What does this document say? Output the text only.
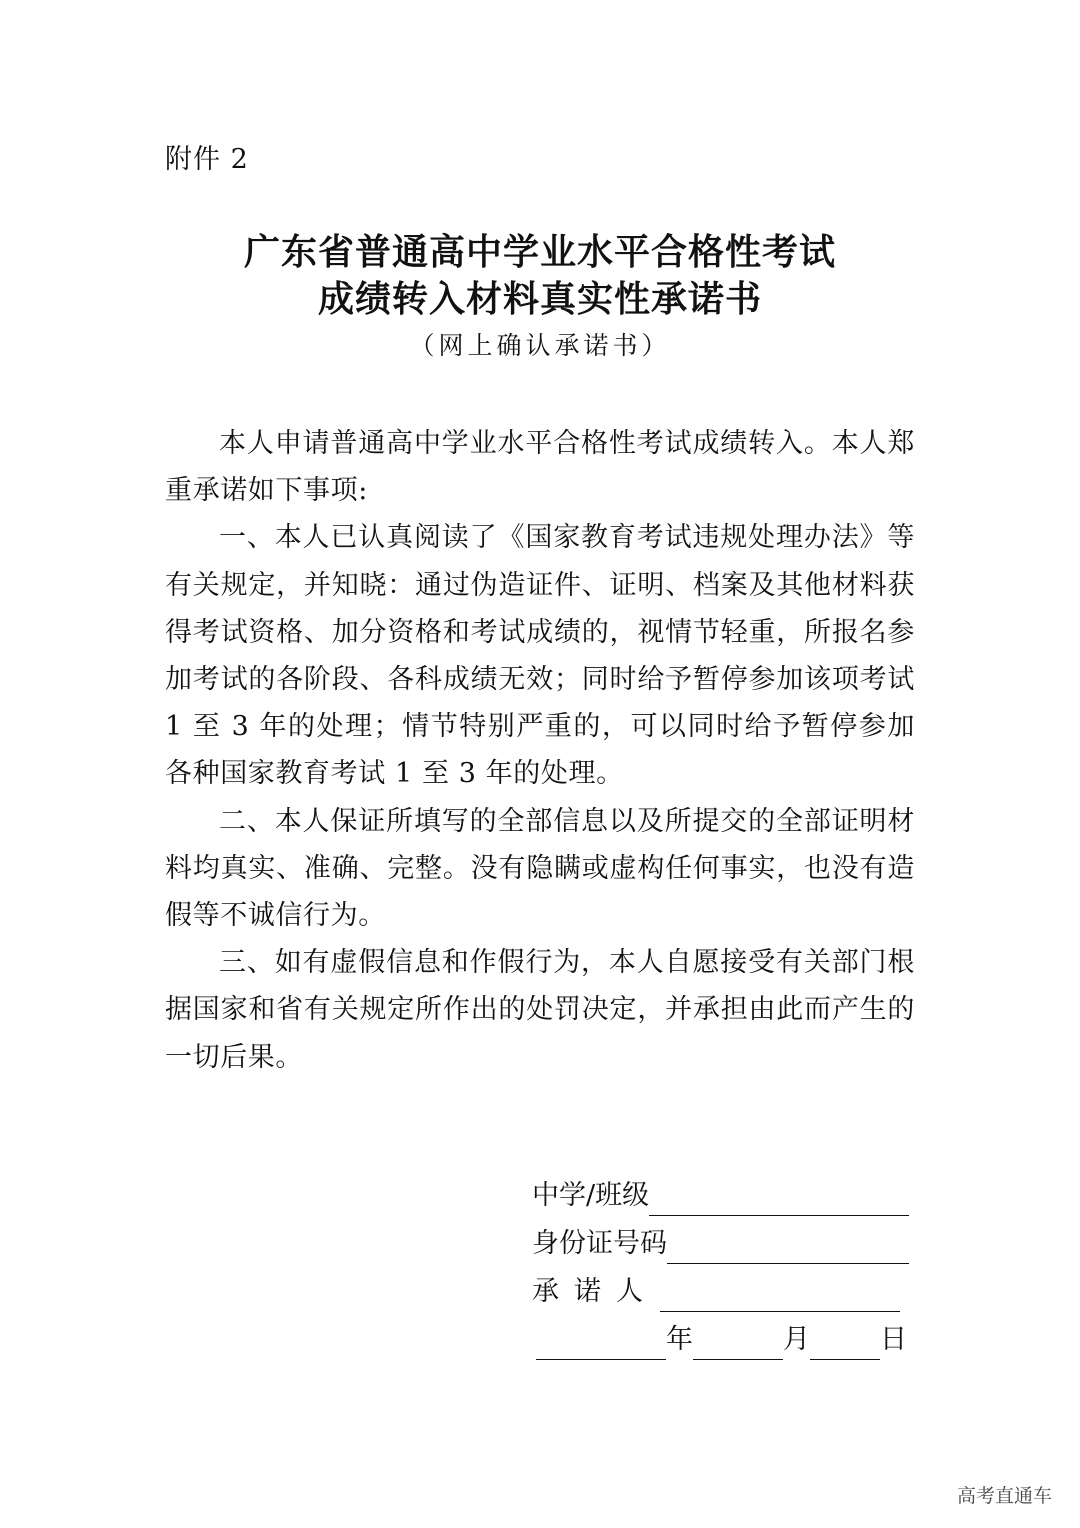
附件 2
广东省普通高中学业水平合格性考试
成绩转入材料真实性承诺书
（网上确认承诺书）

本人申请普通高中学业水平合格性考试成绩转入。本人郑重承诺如下事项:

一、本人已认真阅读了《国家教育考试违规处理办法》等有关规定，并知晓：通过伪造证件、证明、档案及其他材料获得考试资格、加分资格和考试成绩的，视情节轻重，所报名参加考试的各阶段、各科成绩无效；同时给予暂停参加该项考试 1 至 3 年的处理；情节特别严重的，可以同时给予暂停参加各种国家教育考试 1 至 3 年的处理。

二、本人保证所填写的全部信息以及所提交的全部证明材料均真实、准确、完整。没有隐瞒或虚构任何事实，也没有造假等不诚信行为。

三、如有虚假信息和作假行为，本人自愿接受有关部门根据国家和省有关规定所作出的处罚决定，并承担由此而产生的一切后果。

中学/班级
身份证号码
承诺人
年	月	日
高考直通车
